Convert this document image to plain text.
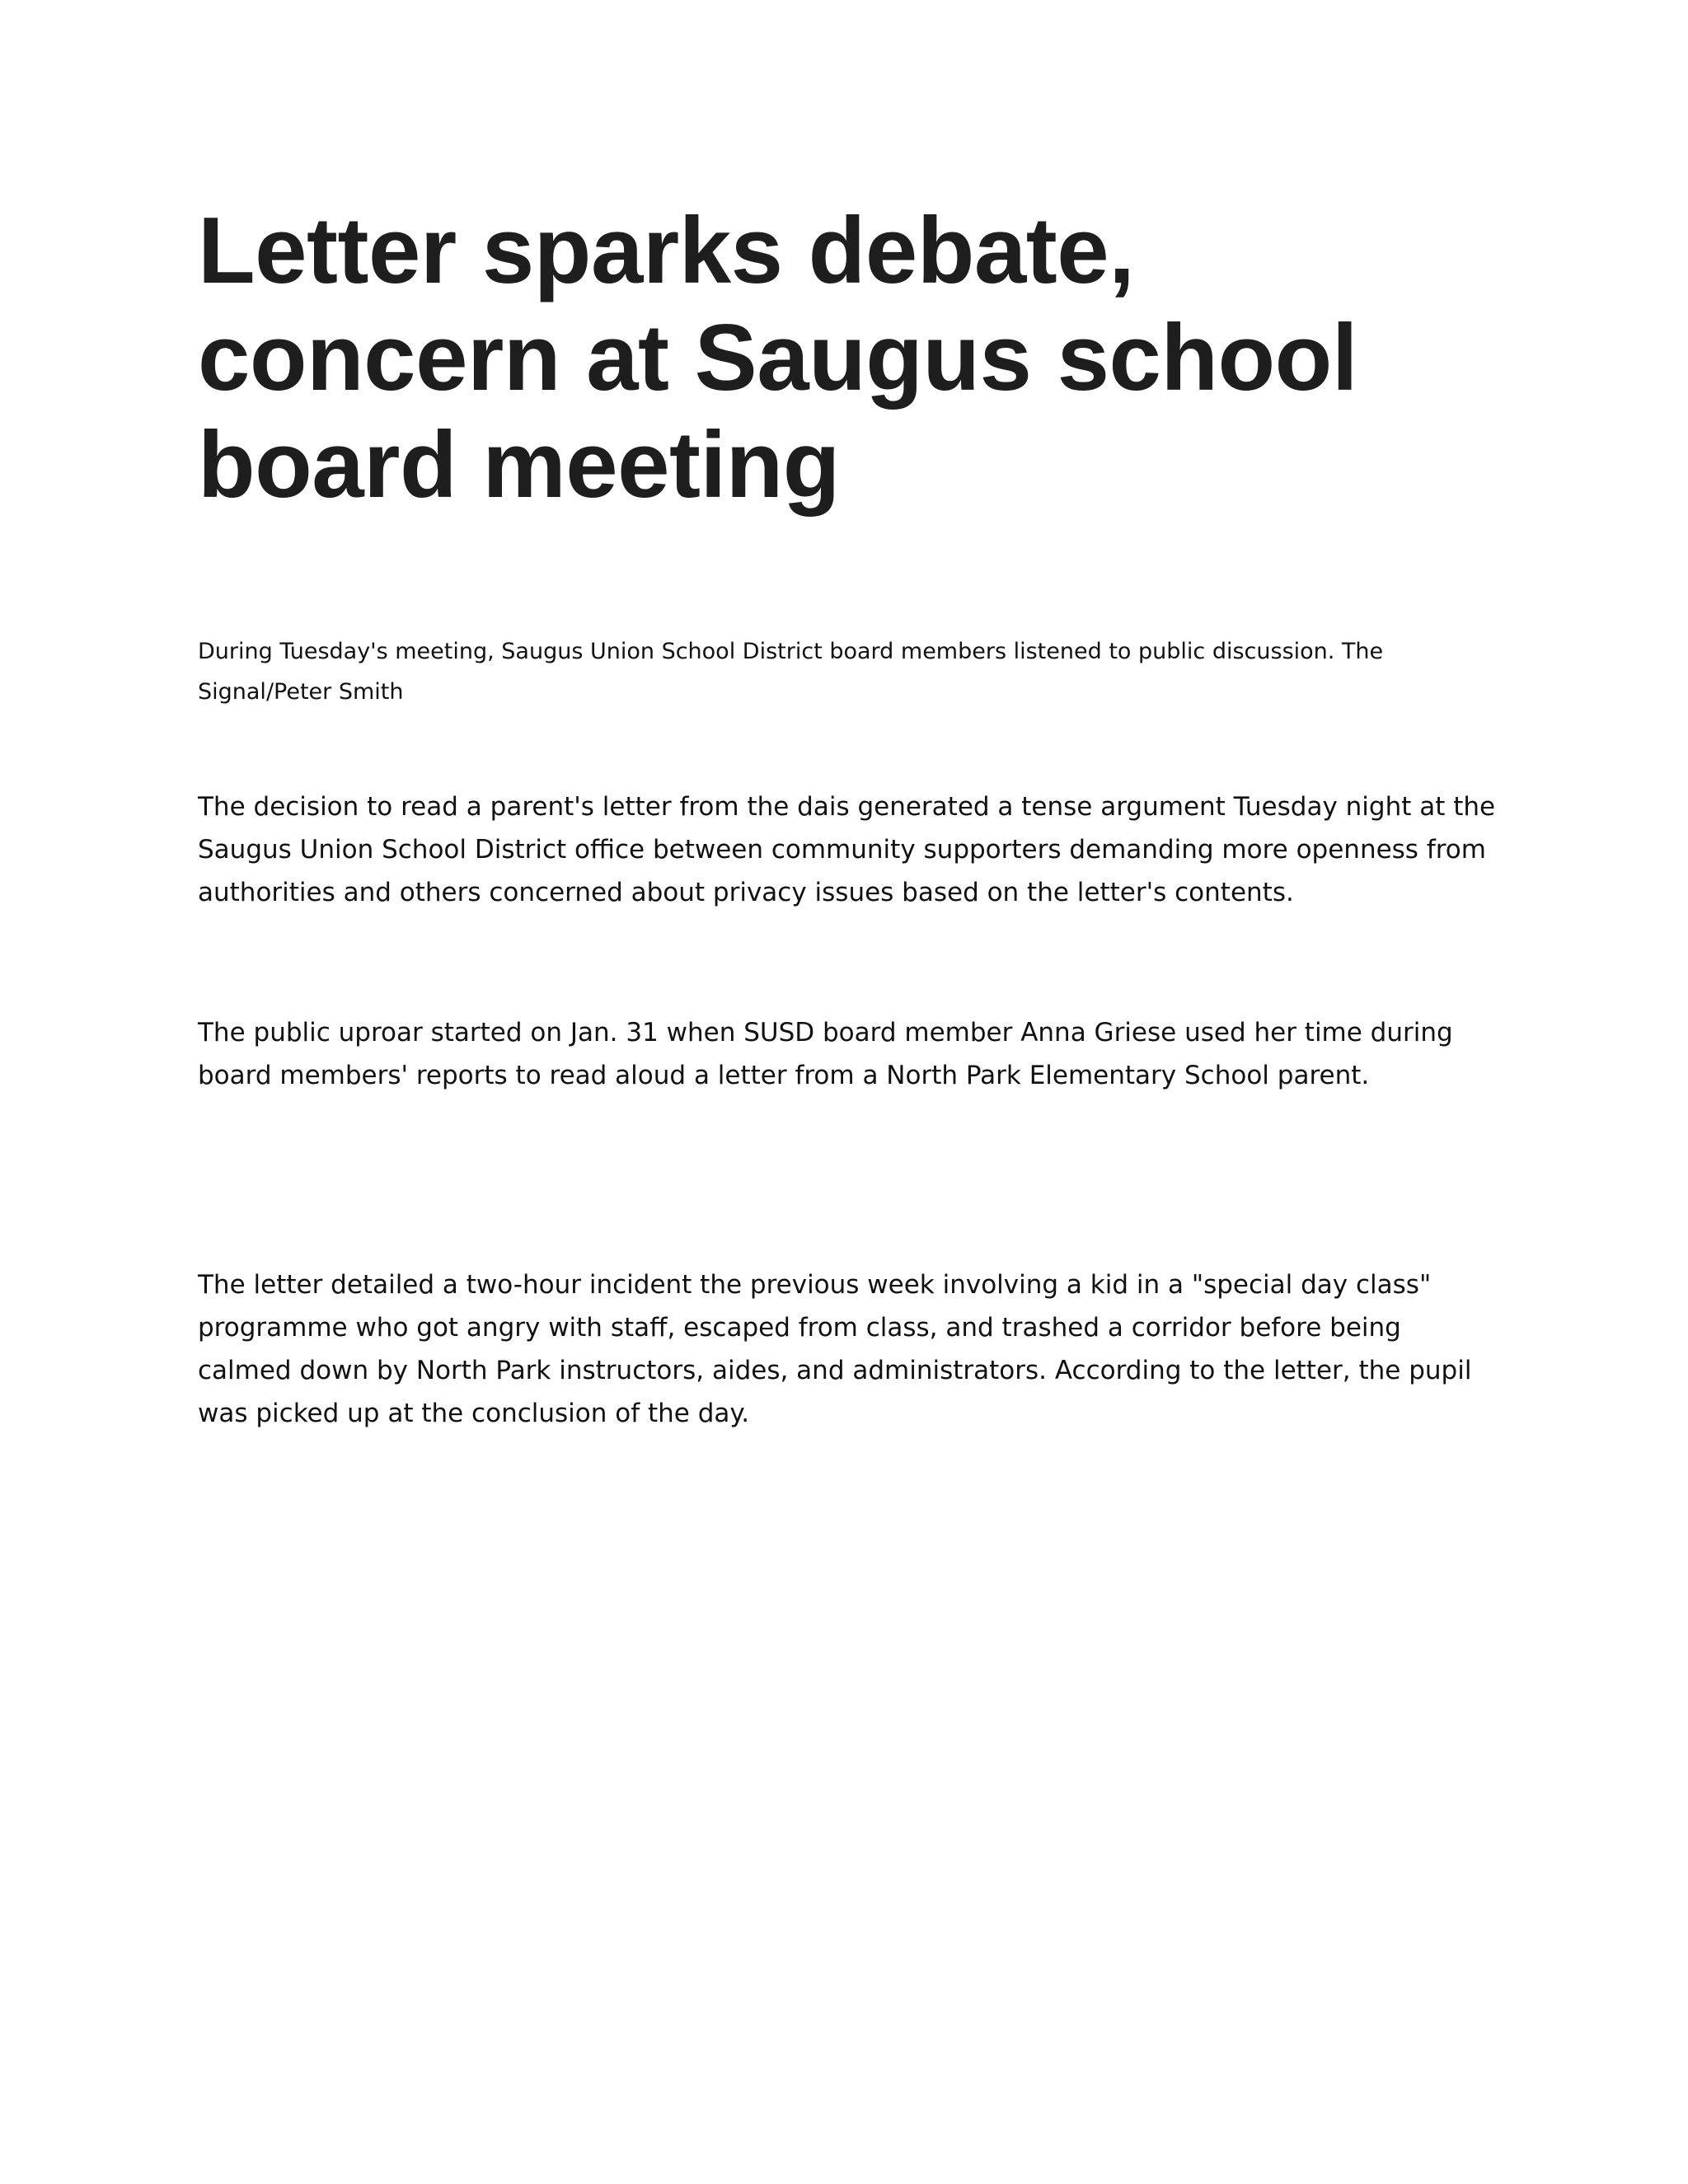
Letter sparks debate, concern at Saugus school board meeting

During Tuesday's meeting, Saugus Union School District board members listened to public discussion. The Signal/Peter Smith

The decision to read a parent's letter from the dais generated a tense argument Tuesday night at the Saugus Union School District office between community supporters demanding more openness from authorities and others concerned about privacy issues based on the letter's contents.

The public uproar started on Jan. 31 when SUSD board member Anna Griese used her time during board members' reports to read aloud a letter from a North Park Elementary School parent.

The letter detailed a two-hour incident the previous week involving a kid in a "special day class" programme who got angry with staff, escaped from class, and trashed a corridor before being calmed down by North Park instructors, aides, and administrators. According to the letter, the pupil was picked up at the conclusion of the day.
